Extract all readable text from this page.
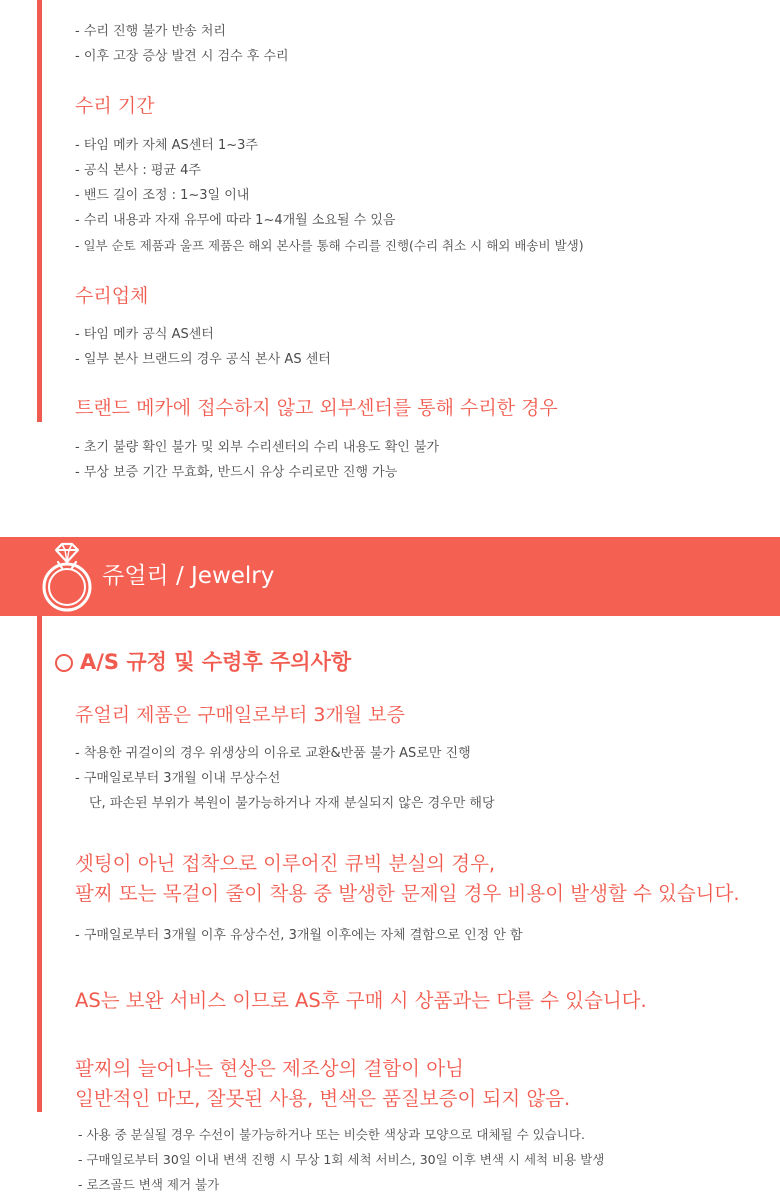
- 수리 진행 불가 반송 처리
- 이후 고장 증상 발견 시 검수 후 수리
수리 기간
- 타임 메카 자체 AS센터 1~3주
- 공식 본사 : 평균 4주
- 밴드 길이 조정 : 1~3일 이내
- 수리 내용과 자재 유무에 따라 1~4개월 소요될 수 있음
- 일부 순토 제품과 울프 제품은 해외 본사를 통해 수리를 진행(수리 취소 시 해외 배송비 발생)
수리업체
- 타임 메카 공식 AS센터
- 일부 본사 브랜드의 경우 공식 본사 AS 센터
트랜드 메카에 접수하지 않고 외부센터를 통해 수리한 경우
- 초기 불량 확인 불가 및 외부 수리센터의 수리 내용도 확인 불가
- 무상 보증 기간 무효화, 반드시 유상 수리로만 진행 가능
쥬얼리 / Jewelry
A/S 규정 및 수령후 주의사항
쥬얼리 제품은 구매일로부터 3개월 보증
- 착용한 귀걸이의 경우 위생상의 이유로 교환&반품 불가 AS로만 진행
- 구매일로부터 3개월 이내 무상수선
단, 파손된 부위가 복원이 불가능하거나 자재 분실되지 않은 경우만 해당
셋팅이 아닌 접착으로 이루어진 큐빅 분실의 경우,
팔찌 또는 목걸이 줄이 착용 중 발생한 문제일 경우 비용이 발생할 수 있습니다.
- 구매일로부터 3개월 이후 유상수선, 3개월 이후에는 자체 결함으로 인정 안 함
AS는 보완 서비스 이므로 AS후 구매 시 상품과는 다를 수 있습니다.
팔찌의 늘어나는 현상은 제조상의 결함이 아님
일반적인 마모, 잘못된 사용, 변색은 품질보증이 되지 않음.
- 사용 중 분실될 경우 수선이 불가능하거나 또는 비슷한 색상과 모양으로 대체될 수 있습니다.
- 구매일로부터 30일 이내 변색 진행 시 무상 1회 세척 서비스, 30일 이후 변색 시 세척 비용 발생
- 로즈골드 변색 제거 불가
